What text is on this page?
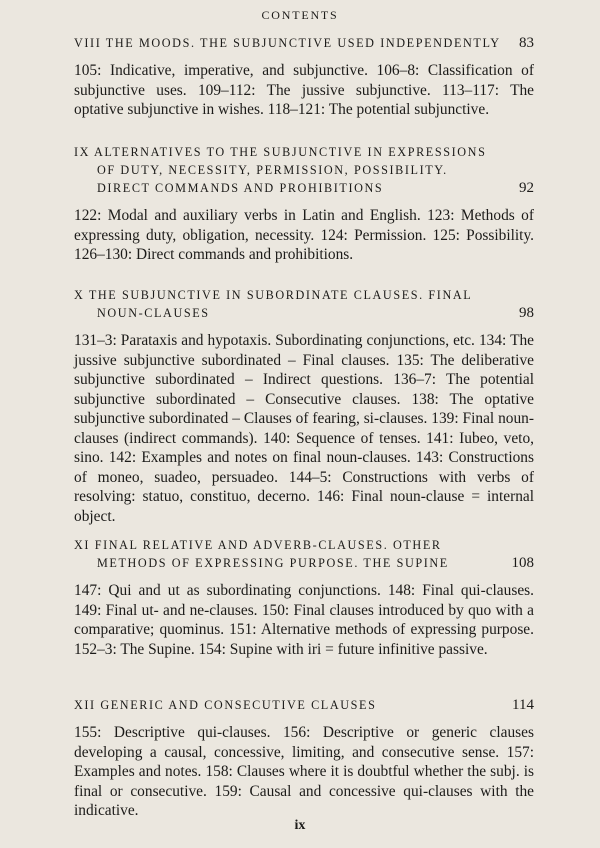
CONTENTS
VIII THE MOODS. THE SUBJUNCTIVE USED INDEPENDENTLY 83

105: Indicative, imperative, and subjunctive. 106–8: Classification of subjunctive uses. 109–112: The jussive subjunctive. 113–117: The optative subjunctive in wishes. 118–121: The potential subjunctive.

IX ALTERNATIVES TO THE SUBJUNCTIVE IN EXPRESSIONS
OF DUTY, NECESSITY, PERMISSION, POSSIBILITY.
DIRECT COMMANDS AND PROHIBITIONS	92

122: Modal and auxiliary verbs in Latin and English. 123: Methods of expressing duty, obligation, necessity. 124: Permission. 125: Possibility. 126–130: Direct commands and prohibitions.

X THE SUBJUNCTIVE IN SUBORDINATE CLAUSES. FINAL
NOUN-CLAUSES	98

131–3: Parataxis and hypotaxis. Subordinating conjunctions, etc. 134: The jussive subjunctive subordinated – Final clauses. 135: The deliberative subjunctive subordinated – Indirect questions. 136–7: The potential subjunctive subordinated – Consecutive clauses. 138: The optative subjunctive subordinated – Clauses of fearing, si-clauses. 139: Final noun-clauses (indirect commands). 140: Sequence of tenses. 141: Iubeo, veto, sino. 142: Examples and notes on final noun-clauses. 143: Constructions of moneo, suadeo, persuadeo. 144–5: Constructions with verbs of resolving: statuo, constituo, decerno. 146: Final noun-clause = internal object.

XI FINAL RELATIVE AND ADVERB-CLAUSES. OTHER
METHODS OF EXPRESSING PURPOSE. THE SUPINE	108

147: Qui and ut as subordinating conjunctions. 148: Final qui-clauses. 149: Final ut- and ne-clauses. 150: Final clauses introduced by quo with a comparative; quominus. 151: Alternative methods of expressing purpose. 152–3: The Supine. 154: Supine with iri = future infinitive passive.

XII GENERIC AND CONSECUTIVE CLAUSES	114

155: Descriptive qui-clauses. 156: Descriptive or generic clauses developing a causal, concessive, limiting, and consecutive sense. 157: Examples and notes. 158: Clauses where it is doubtful whether the subj. is final or consecutive. 159: Causal and concessive qui-clauses with the indicative.

ix
